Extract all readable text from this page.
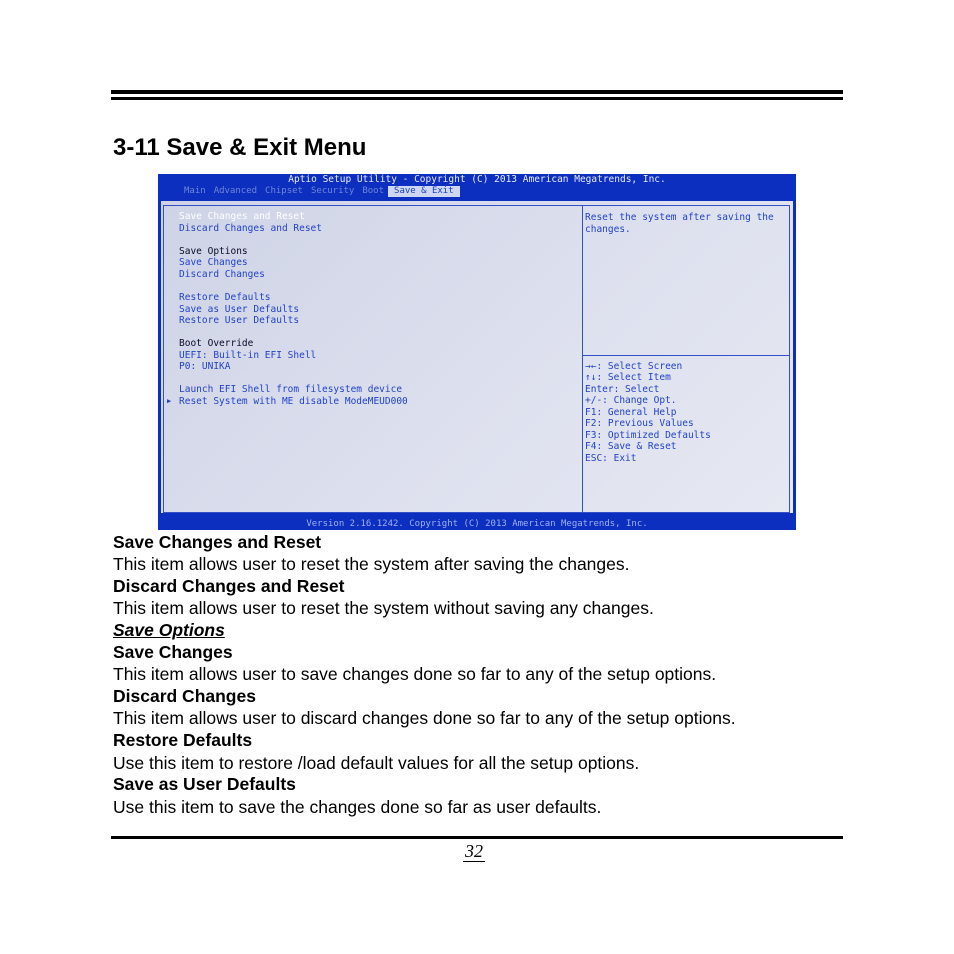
3-11 Save & Exit Menu
Aptio Setup Utility - Copyright (C) 2013 American Megatrends, Inc.
Main Advanced Chipset Security Boot	Save & Exit
Save Changes and Reset
Discard Changes and Reset
Save Options
Save Changes
Discard Changes
Restore Defaults
Save as User Defaults
Restore User Defaults
Boot Override
UEFI: Built-in EFI Shell
P0: UNIKA
Launch EFI Shell from filesystem device
▶ Reset System with ME disable ModeMEUD000
Reset the system after saving the changes.
→←: Select Screen
↑↓: Select Item
Enter: Select
+/-: Change Opt.
F1: General Help
F2: Previous Values
F3: Optimized Defaults
F4: Save & Reset
ESC: Exit
Version 2.16.1242. Copyright (C) 2013 American Megatrends, Inc.
Save Changes and Reset
This item allows user to reset the system after saving the changes.
Discard Changes and Reset
This item allows user to reset the system without saving any changes.
Save Options
Save Changes
This item allows user to save changes done so far to any of the setup options.
Discard Changes
This item allows user to discard changes done so far to any of the setup options.
Restore Defaults
Use this item to restore /load default values for all the setup options.
Save as User Defaults
Use this item to save the changes done so far as user defaults.
32
